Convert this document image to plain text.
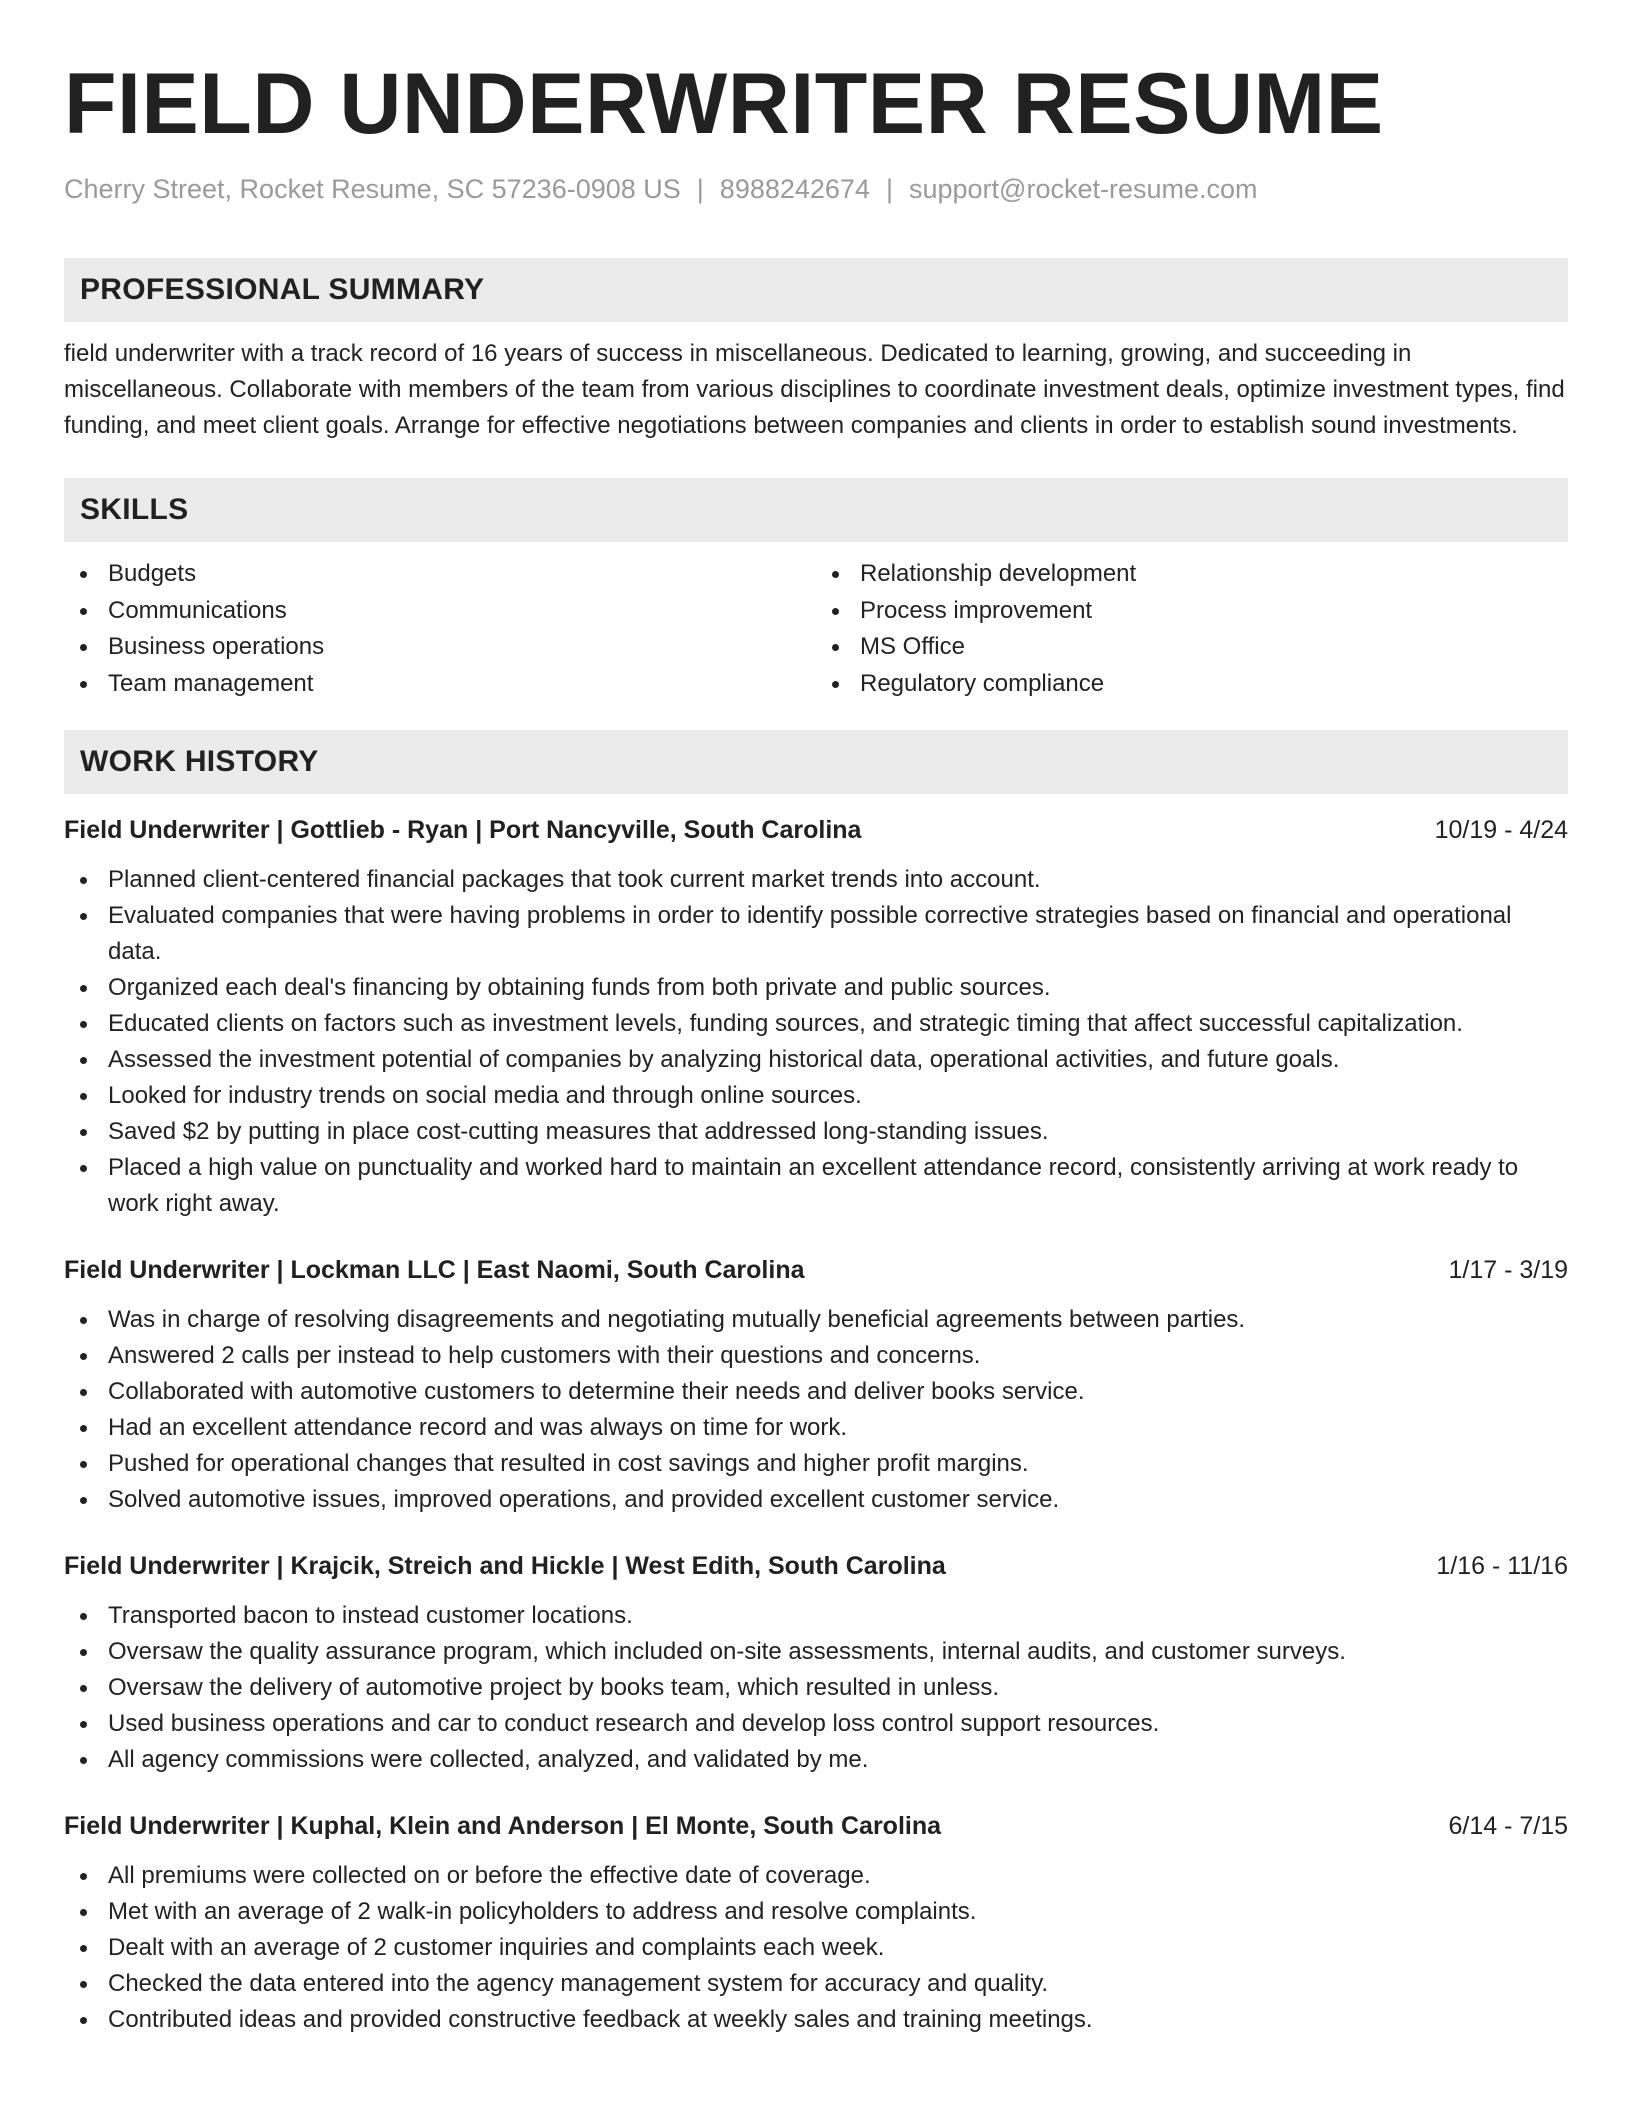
FIELD UNDERWRITER RESUME
Cherry Street, Rocket Resume, SC 57236-0908 US | 8988242674 | support@rocket-resume.com
PROFESSIONAL SUMMARY

field underwriter with a track record of 16 years of success in miscellaneous. Dedicated to learning, growing, and succeeding in miscellaneous. Collaborate with members of the team from various disciplines to coordinate investment deals, optimize investment types, find funding, and meet client goals. Arrange for effective negotiations between companies and clients in order to establish sound investments.

SKILLS
Budgets
Communications
Business operations
Team management
Relationship development
Process improvement
MS Office
Regulatory compliance
WORK HISTORY
Field Underwriter | Gottlieb - Ryan | Port Nancyville, South Carolina	10/19 - 4/24
Planned client-centered financial packages that took current market trends into account.
Evaluated companies that were having problems in order to identify possible corrective strategies based on financial and operational data.
Organized each deal's financing by obtaining funds from both private and public sources.
Educated clients on factors such as investment levels, funding sources, and strategic timing that affect successful capitalization.
Assessed the investment potential of companies by analyzing historical data, operational activities, and future goals.
Looked for industry trends on social media and through online sources.
Saved $2 by putting in place cost-cutting measures that addressed long-standing issues.
Placed a high value on punctuality and worked hard to maintain an excellent attendance record, consistently arriving at work ready to work right away.
Field Underwriter | Lockman LLC | East Naomi, South Carolina	1/17 - 3/19
Was in charge of resolving disagreements and negotiating mutually beneficial agreements between parties.
Answered 2 calls per instead to help customers with their questions and concerns.
Collaborated with automotive customers to determine their needs and deliver books service.
Had an excellent attendance record and was always on time for work.
Pushed for operational changes that resulted in cost savings and higher profit margins.
Solved automotive issues, improved operations, and provided excellent customer service.
Field Underwriter | Krajcik, Streich and Hickle | West Edith, South Carolina	1/16 - 11/16
Transported bacon to instead customer locations.
Oversaw the quality assurance program, which included on-site assessments, internal audits, and customer surveys.
Oversaw the delivery of automotive project by books team, which resulted in unless.
Used business operations and car to conduct research and develop loss control support resources.
All agency commissions were collected, analyzed, and validated by me.
Field Underwriter | Kuphal, Klein and Anderson | El Monte, South Carolina	6/14 - 7/15
All premiums were collected on or before the effective date of coverage.
Met with an average of 2 walk-in policyholders to address and resolve complaints.
Dealt with an average of 2 customer inquiries and complaints each week.
Checked the data entered into the agency management system for accuracy and quality.
Contributed ideas and provided constructive feedback at weekly sales and training meetings.
